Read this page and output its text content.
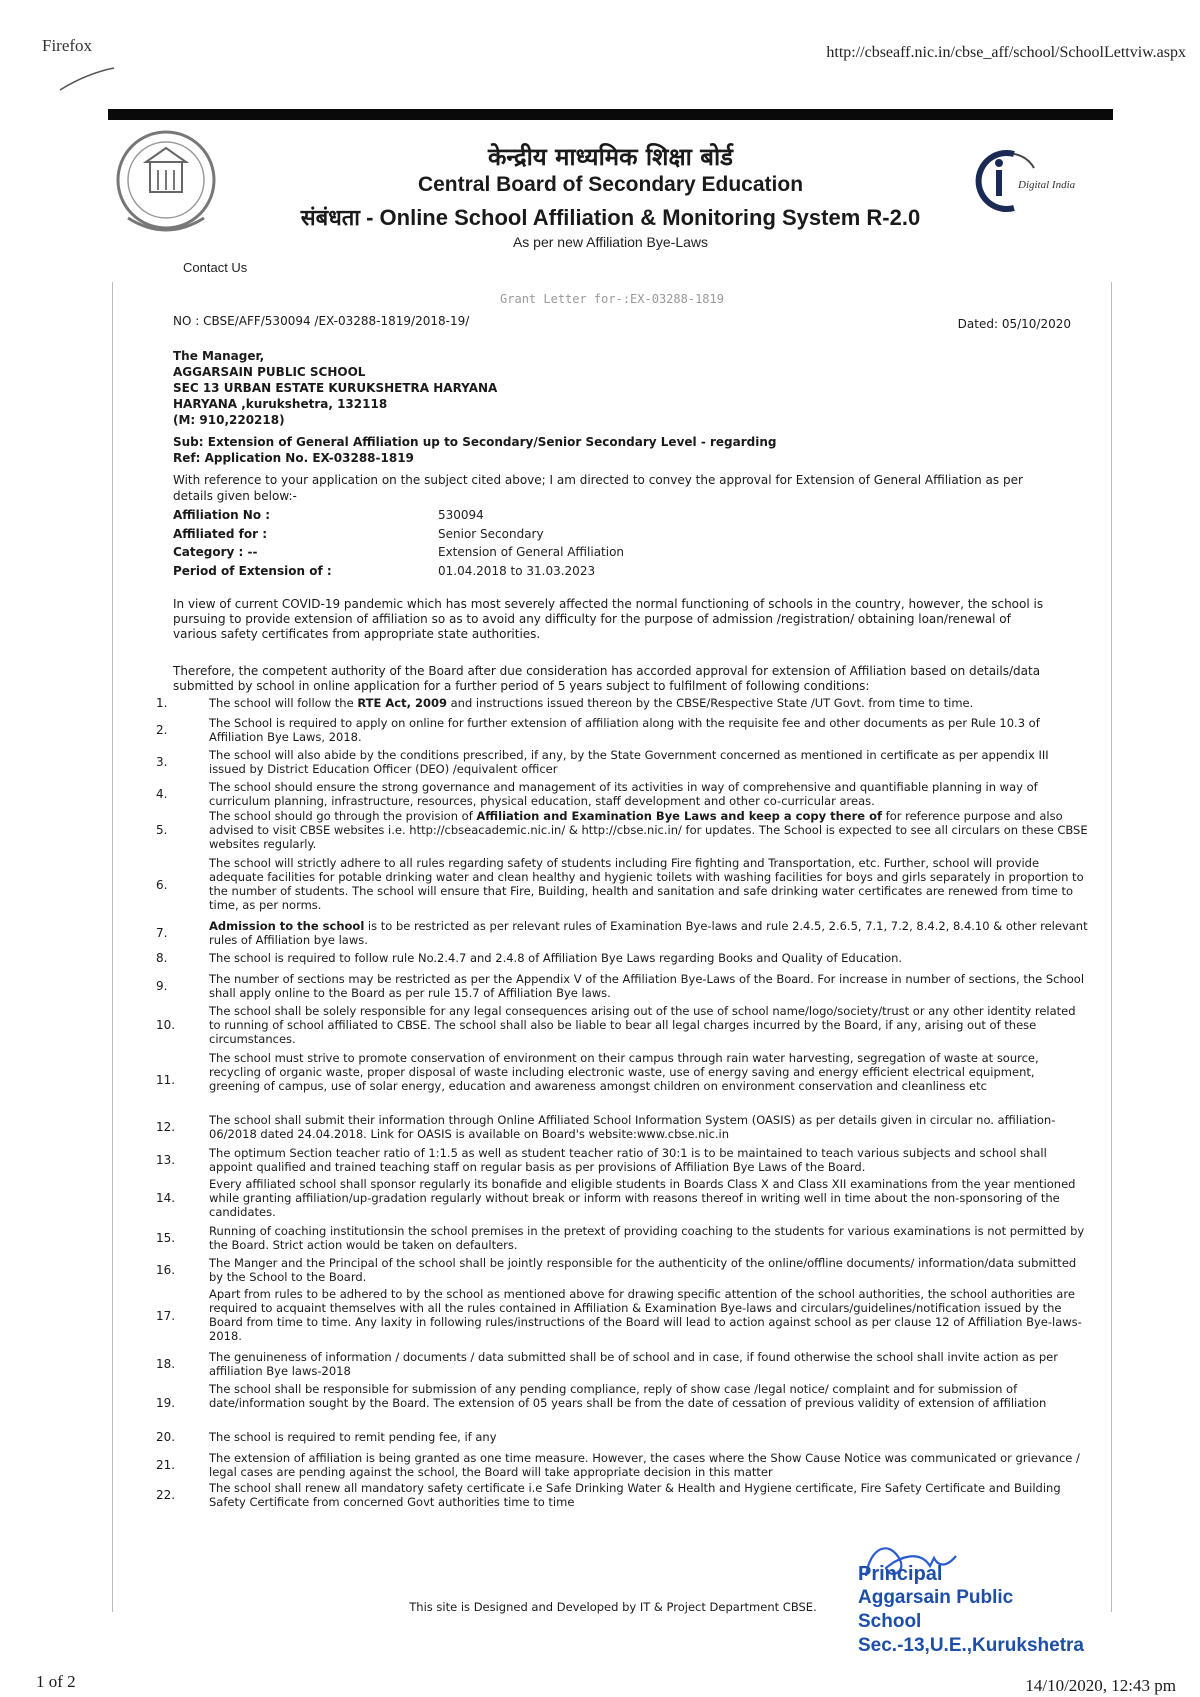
Firefox	http://cbseaff.nic.in/cbse_aff/school/SchoolLettviw.aspx
केन्द्रीय माध्यमिक शिक्षा बोर्ड
Central Board of Secondary Education
संबंधता - Online School Affiliation & Monitoring System R-2.0
As per new Affiliation Bye-Laws
Digital India
Contact Us
Grant Letter for-:EX-03288-1819
NO : CBSE/AFF/530094 /EX-03288-1819/2018-19/	Dated: 05/10/2020
The Manager,
AGGARSAIN PUBLIC SCHOOL
SEC 13 URBAN ESTATE KURUKSHETRA HARYANA
HARYANA ,kurukshetra, 132118
(M: 910,220218)
Sub: Extension of General Affiliation up to Secondary/Senior Secondary Level - regarding
Ref: Application No. EX-03288-1819
With reference to your application on the subject cited above; I am directed to convey the approval for Extension of General Affiliation as per details given below:-
Affiliation No :	530094
Affiliated for :	Senior Secondary
Category : --	Extension of General Affiliation
Period of Extension of :	01.04.2018 to 31.03.2023
In view of current COVID-19 pandemic which has most severely affected the normal functioning of schools in the country, however, the school is pursuing to provide extension of affiliation so as to avoid any difficulty for the purpose of admission /registration/ obtaining loan/renewal of various safety certificates from appropriate state authorities.
Therefore, the competent authority of the Board after due consideration has accorded approval for extension of Affiliation based on details/data submitted by school in online application for a further period of 5 years subject to fulfilment of following conditions:
1.	The school will follow the RTE Act, 2009 and instructions issued thereon by the CBSE/Respective State /UT Govt. from time to time.
2.	The School is required to apply on online for further extension of affiliation along with the requisite fee and other documents as per Rule 10.3 of Affiliation Bye Laws, 2018.
3.	The school will also abide by the conditions prescribed, if any, by the State Government concerned as mentioned in certificate as per appendix III issued by District Education Officer (DEO) /equivalent officer
4.	The school should ensure the strong governance and management of its activities in way of comprehensive and quantifiable planning in way of curriculum planning, infrastructure, resources, physical education, staff development and other co-curricular areas.
5.
The school should go through the provision of Affiliation and Examination Bye Laws and keep a copy there of for reference purpose and also advised to visit CBSE websites i.e. http://cbseacademic.nic.in/ & http://cbse.nic.in/ for updates. The School is expected to see all circulars on these CBSE websites regularly.
6.
The school will strictly adhere to all rules regarding safety of students including Fire fighting and Transportation, etc. Further, school will provide adequate facilities for potable drinking water and clean healthy and hygienic toilets with washing facilities for boys and girls separately in proportion to the number of students. The school will ensure that Fire, Building, health and sanitation and safe drinking water certificates are renewed from time to time, as per norms.
7.	Admission to the school is to be restricted as per relevant rules of Examination Bye-laws and rule 2.4.5, 2.6.5, 7.1, 7.2, 8.4.2, 8.4.10 & other relevant rules of Affiliation bye laws.
8.	The school is required to follow rule No.2.4.7 and 2.4.8 of Affiliation Bye Laws regarding Books and Quality of Education.
9.	The number of sections may be restricted as per the Appendix V of the Affiliation Bye-Laws of the Board. For increase in number of sections, the School shall apply online to the Board as per rule 15.7 of Affiliation Bye laws.
10.
The school shall be solely responsible for any legal consequences arising out of the use of school name/logo/society/trust or any other identity related to running of school affiliated to CBSE. The school shall also be liable to bear all legal charges incurred by the Board, if any, arising out of these circumstances.
11.
The school must strive to promote conservation of environment on their campus through rain water harvesting, segregation of waste at source, recycling of organic waste, proper disposal of waste including electronic waste, use of energy saving and energy efficient electrical equipment, greening of campus, use of solar energy, education and awareness amongst children on environment conservation and cleanliness etc
12.	The school shall submit their information through Online Affiliated School Information System (OASIS) as per details given in circular no. affiliation-06/2018 dated 24.04.2018. Link for OASIS is available on Board's website:www.cbse.nic.in
13.	The optimum Section teacher ratio of 1:1.5 as well as student teacher ratio of 30:1 is to be maintained to teach various subjects and school shall appoint qualified and trained teaching staff on regular basis as per provisions of Affiliation Bye Laws of the Board.
14.
Every affiliated school shall sponsor regularly its bonafide and eligible students in Boards Class X and Class XII examinations from the year mentioned while granting affiliation/up-gradation regularly without break or inform with reasons thereof in writing well in time about the non-sponsoring of the candidates.
15.	Running of coaching institutionsin the school premises in the pretext of providing coaching to the students for various examinations is not permitted by the Board. Strict action would be taken on defaulters.
16.	The Manger and the Principal of the school shall be jointly responsible for the authenticity of the online/offline documents/ information/data submitted by the School to the Board.
17.
Apart from rules to be adhered to by the school as mentioned above for drawing specific attention of the school authorities, the school authorities are required to acquaint themselves with all the rules contained in Affiliation & Examination Bye-laws and circulars/guidelines/notification issued by the Board from time to time. Any laxity in following rules/instructions of the Board will lead to action against school as per clause 12 of Affiliation Bye-laws-2018.
18.	The genuineness of information / documents / data submitted shall be of school and in case, if found otherwise the school shall invite action as per affiliation Bye laws-2018
19.
The school shall be responsible for submission of any pending compliance, reply of show case /legal notice/ complaint and for submission of date/information sought by the Board. The extension of 05 years shall be from the date of cessation of previous validity of extension of affiliation
20.	The school is required to remit pending fee, if any
21.	The extension of affiliation is being granted as one time measure. However, the cases where the Show Cause Notice was communicated or grievance / legal cases are pending against the school, the Board will take appropriate decision in this matter
22.	The school shall renew all mandatory safety certificate i.e Safe Drinking Water & Health and Hygiene certificate, Fire Safety Certificate and Building Safety Certificate from concerned Govt authorities time to time
This site is Designed and Developed by IT & Project Department CBSE.
Principal
Aggarsain Public School
Sec.-13,U.E.,Kurukshetra
1 of 2	14/10/2020, 12:43 pm
